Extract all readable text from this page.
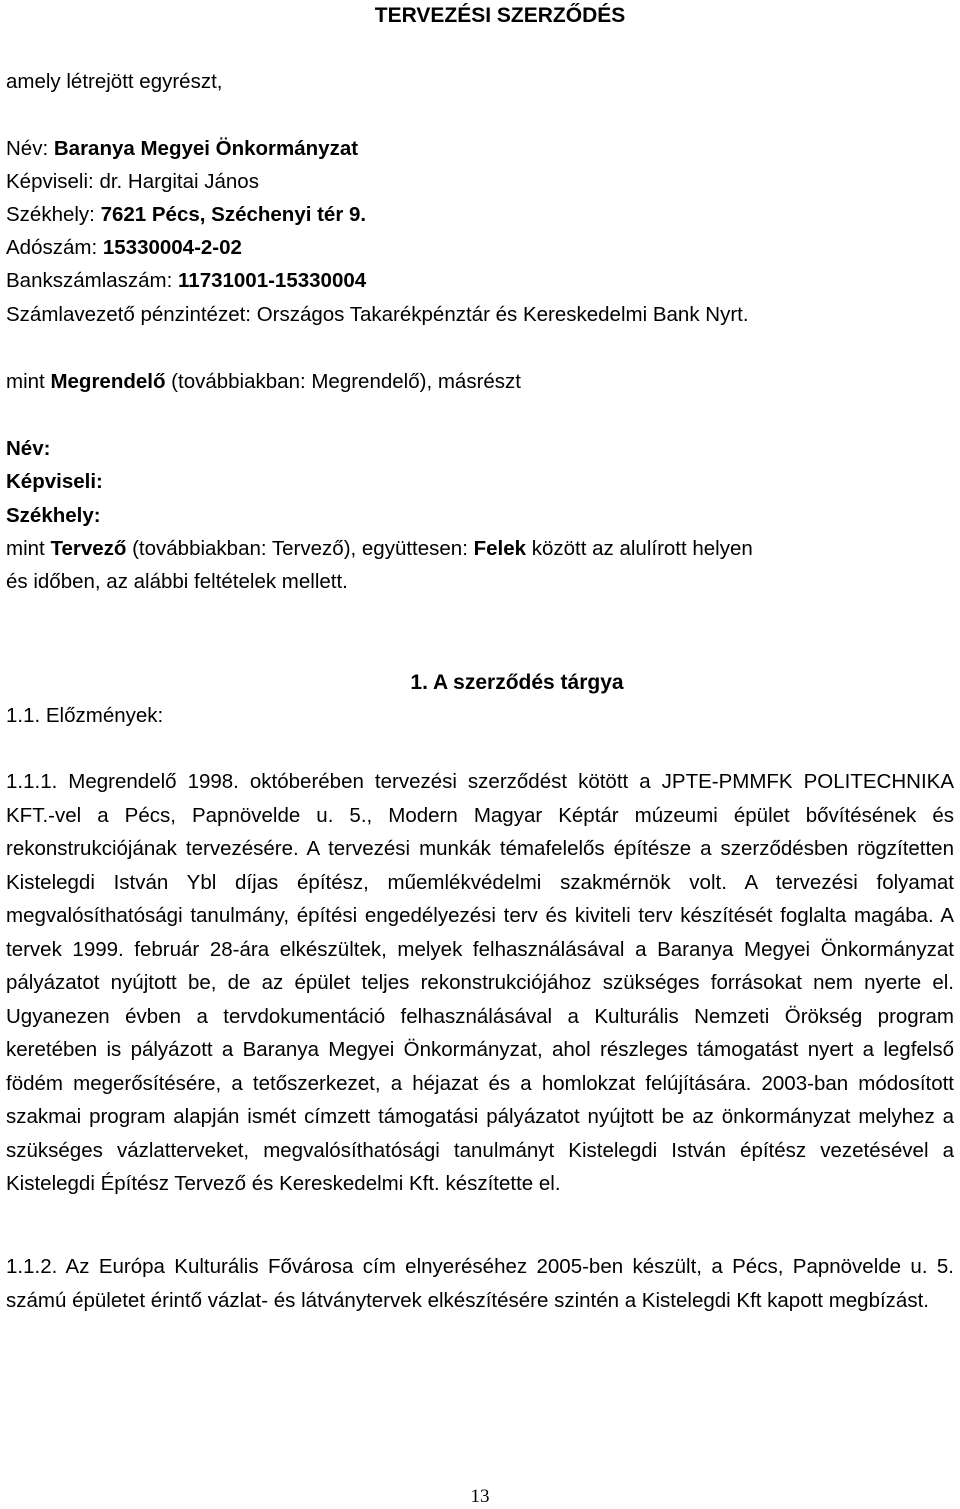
TERVEZÉSI SZERZŐDÉS
amely létrejött egyrészt,
Név: Baranya Megyei Önkormányzat
Képviseli: dr. Hargitai János
Székhely: 7621 Pécs, Széchenyi tér 9.
Adószám: 15330004-2-02
Bankszámlaszám: 11731001-15330004
Számlavezető pénzintézet: Országos Takarékpénztár és Kereskedelmi Bank Nyrt.
mint Megrendelő (továbbiakban: Megrendelő), másrészt
Név:
Képviseli:
Székhely:
mint Tervező (továbbiakban: Tervező), együttesen: Felek között az alulírott helyen
és időben, az alábbi feltételek mellett.
1. A szerződés tárgya
1.1. Előzmények:
1.1.1. Megrendelő 1998. októberében tervezési szerződést kötött a JPTE-PMMFK POLITECHNIKA KFT.-vel a Pécs, Papnövelde u. 5., Modern Magyar Képtár múzeumi épület bővítésének és rekonstrukciójának tervezésére. A tervezési munkák témafelelős építésze a szerződésben rögzítetten Kistelegdi István Ybl díjas építész, műemlékvédelmi szakmérnök volt. A tervezési folyamat megvalósíthatósági tanulmány, építési engedélyezési terv és kiviteli terv készítését foglalta magába. A tervek 1999. február 28-ára elkészültek, melyek felhasználásával a Baranya Megyei Önkormányzat pályázatot nyújtott be, de az épület teljes rekonstrukciójához szükséges forrásokat nem nyerte el. Ugyanezen évben a tervdokumentáció felhasználásával a Kulturális Nemzeti Örökség program keretében is pályázott a Baranya Megyei Önkormányzat, ahol részleges támogatást nyert a legfelső födém megerősítésére, a tetőszerkezet, a héjazat és a homlokzat felújítására. 2003-ban módosított szakmai program alapján ismét címzett támogatási pályázatot nyújtott be az önkormányzat melyhez a szükséges vázlatterveket, megvalósíthatósági tanulmányt Kistelegdi István építész vezetésével a Kistelegdi Építész Tervező és Kereskedelmi Kft. készítette el.
1.1.2. Az Európa Kulturális Fővárosa cím elnyeréséhez 2005-ben készült, a Pécs, Papnövelde u. 5. számú épületet érintő vázlat- és látványtervek elkészítésére szintén a Kistelegdi Kft kapott megbízást.
13
